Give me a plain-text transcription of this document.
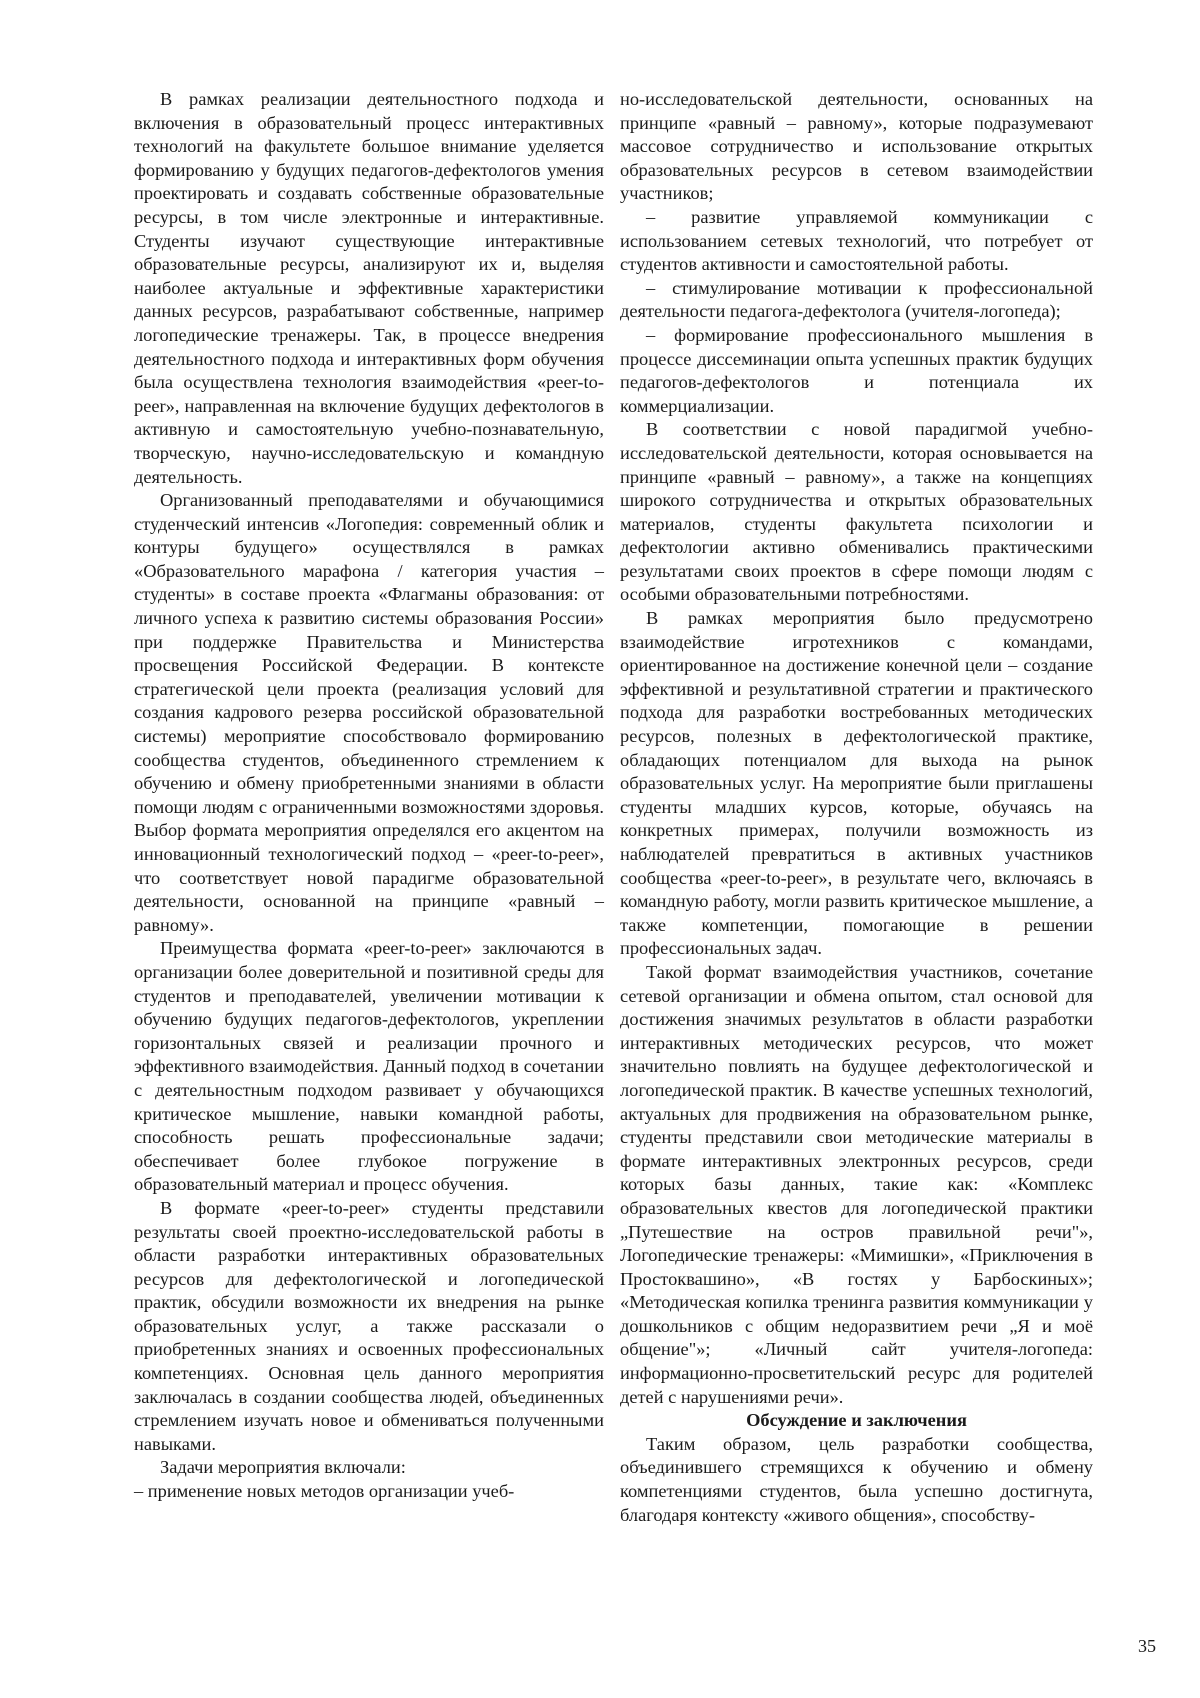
В рамках реализации деятельностного подхода и включения в образовательный процесс интерактивных технологий на факультете большое внимание уделяется формированию у будущих педагогов-дефектологов умения проектировать и создавать собственные образовательные ресурсы, в том числе электронные и интерактивные. Студенты изучают существующие интерактивные образовательные ресурсы, анализируют их и, выделяя наиболее актуальные и эффективные характеристики данных ресурсов, разрабатывают собственные, например логопедические тренажеры. Так, в процессе внедрения деятельностного подхода и интерактивных форм обучения была осуществлена технология взаимодействия «peer-to-peer», направленная на включение будущих дефектологов в активную и самостоятельную учебно-познавательную, творческую, научно-исследовательскую и командную деятельность.

Организованный преподавателями и обучающимися студенческий интенсив «Логопедия: современный облик и контуры будущего» осуществлялся в рамках «Образовательного марафона / категория участия – студенты» в составе проекта «Флагманы образования: от личного успеха к развитию системы образования России» при поддержке Правительства и Министерства просвещения Российской Федерации. В контексте стратегической цели проекта (реализация условий для создания кадрового резерва российской образовательной системы) мероприятие способствовало формированию сообщества студентов, объединенного стремлением к обучению и обмену приобретенными знаниями в области помощи людям с ограниченными возможностями здоровья. Выбор формата мероприятия определялся его акцентом на инновационный технологический подход – «peer-to-peer», что соответствует новой парадигме образовательной деятельности, основанной на принципе «равный – равному».

Преимущества формата «peer-to-peer» заключаются в организации более доверительной и позитивной среды для студентов и преподавателей, увеличении мотивации к обучению будущих педагогов-дефектологов, укреплении горизонтальных связей и реализации прочного и эффективного взаимодействия. Данный подход в сочетании с деятельностным подходом развивает у обучающихся критическое мышление, навыки командной работы, способность решать профессиональные задачи; обеспечивает более глубокое погружение в образовательный материал и процесс обучения.

В формате «peer-to-peer» студенты представили результаты своей проектно-исследовательской работы в области разработки интерактивных образовательных ресурсов для дефектологической и логопедической практик, обсудили возможности их внедрения на рынке образовательных услуг, а также рассказали о приобретенных знаниях и освоенных профессиональных компетенциях. Основная цель данного мероприятия заключалась в создании сообщества людей, объединенных стремлением изучать новое и обмениваться полученными навыками.

Задачи мероприятия включали:

– применение новых методов организации учеб-

но-исследовательской деятельности, основанных на принципе «равный – равному», которые подразумевают массовое сотрудничество и использование открытых образовательных ресурсов в сетевом взаимодействии участников;

– развитие управляемой коммуникации с использованием сетевых технологий, что потребует от студентов активности и самостоятельной работы.

– стимулирование мотивации к профессиональной деятельности педагога-дефектолога (учителя-логопеда);

– формирование профессионального мышления в процессе диссеминации опыта успешных практик будущих педагогов-дефектологов и потенциала их коммерциализации.

В соответствии с новой парадигмой учебно-исследовательской деятельности, которая основывается на принципе «равный – равному», а также на концепциях широкого сотрудничества и открытых образовательных материалов, студенты факультета психологии и дефектологии активно обменивались практическими результатами своих проектов в сфере помощи людям с особыми образовательными потребностями.

В рамках мероприятия было предусмотрено взаимодействие игротехников с командами, ориентированное на достижение конечной цели – создание эффективной и результативной стратегии и практического подхода для разработки востребованных методических ресурсов, полезных в дефектологической практике, обладающих потенциалом для выхода на рынок образовательных услуг. На мероприятие были приглашены студенты младших курсов, которые, обучаясь на конкретных примерах, получили возможность из наблюдателей превратиться в активных участников сообщества «peer-to-peer», в результате чего, включаясь в командную работу, могли развить критическое мышление, а также компетенции, помогающие в решении профессиональных задач.

Такой формат взаимодействия участников, сочетание сетевой организации и обмена опытом, стал основой для достижения значимых результатов в области разработки интерактивных методических ресурсов, что может значительно повлиять на будущее дефектологической и логопедической практик. В качестве успешных технологий, актуальных для продвижения на образовательном рынке, студенты представили свои методические материалы в формате интерактивных электронных ресурсов, среди которых базы данных, такие как: «Комплекс образовательных квестов для логопедической практики „Путешествие на остров правильной речи"», Логопедические тренажеры: «Мимишки», «Приключения в Простоквашино», «В гостях у Барбоскиных»; «Методическая копилка тренинга развития коммуникации у дошкольников с общим недоразвитием речи „Я и моё общение"»; «Личный сайт учителя-логопеда: информационно-просветительский ресурс для родителей детей с нарушениями речи».

Обсуждение и заключения

Таким образом, цель разработки сообщества, объединившего стремящихся к обучению и обмену компетенциями студентов, была успешно достигнута, благодаря контексту «живого общения», способству-

35
